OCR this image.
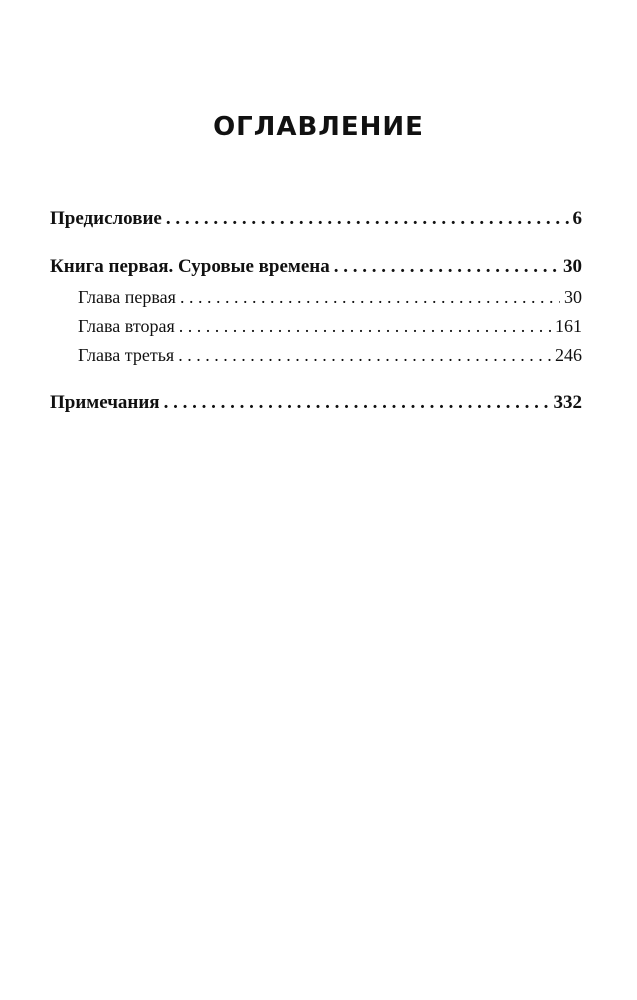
ОГЛАВЛЕНИЕ
Предисловие . . .	6
Книга первая. Суровые времена . . .	30
Глава первая . . .	30
Глава вторая . . .	161
Глава третья . . .	246
Примечания . . .	332
